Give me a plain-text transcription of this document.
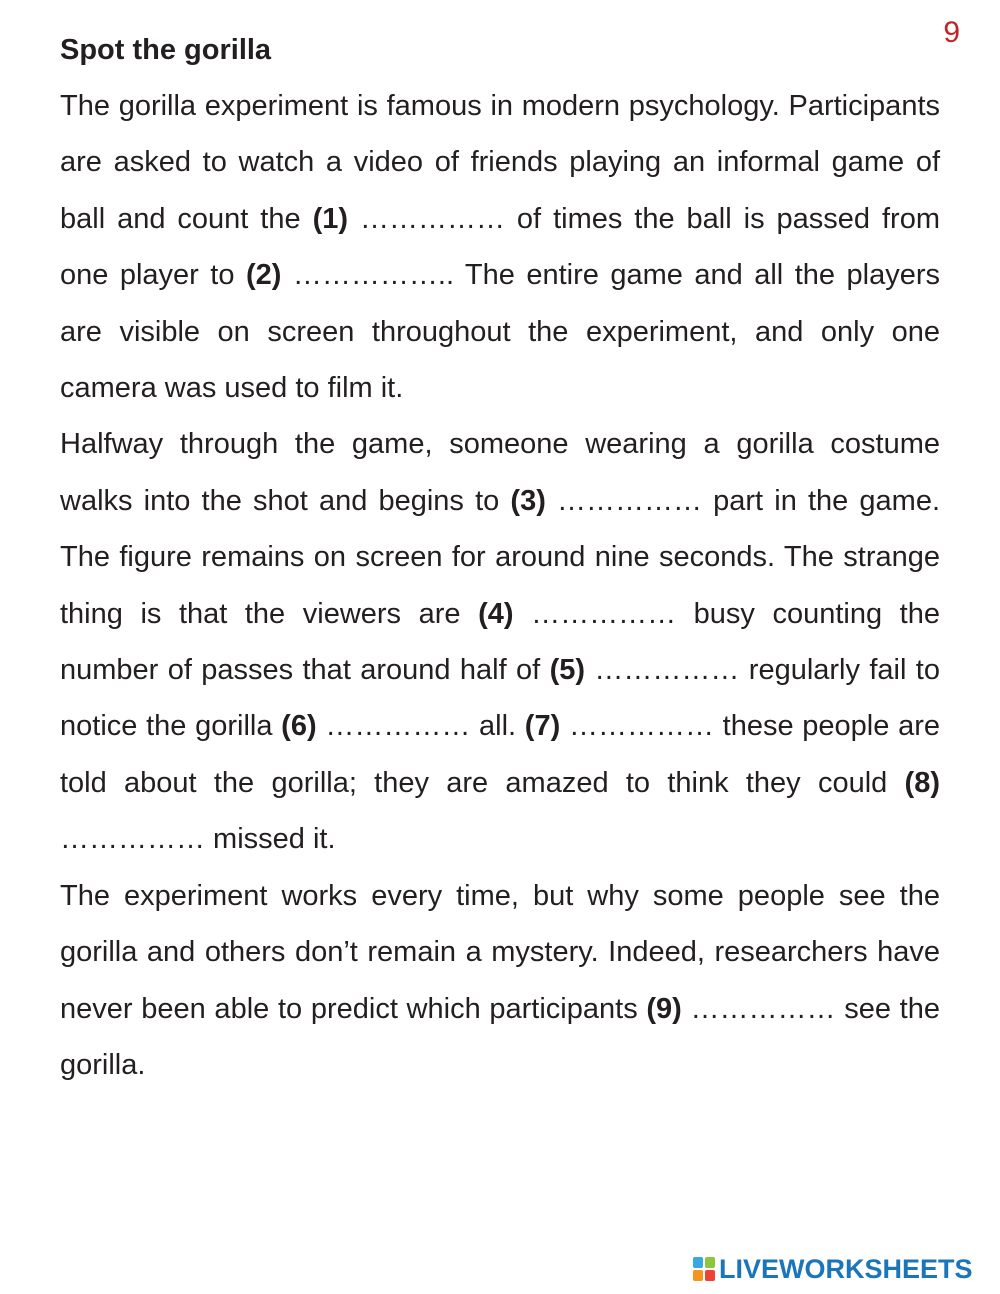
9
Spot the gorilla

The gorilla experiment is famous in modern psychology. Participants are asked to watch a video of friends playing an informal game of ball and count the (1) …………… of times the ball is passed from one player to (2) …………….. The entire game and all the players are visible on screen throughout the experiment, and only one camera was used to film it.

Halfway through the game, someone wearing a gorilla costume walks into the shot and begins to (3) …………… part in the game. The figure remains on screen for around nine seconds. The strange thing is that the viewers are (4) …………… busy counting the number of passes that around half of (5) …………… regularly fail to notice the gorilla (6) …………… all. (7) …………… these people are told about the gorilla; they are amazed to think they could (8) …………… missed it.

The experiment works every time, but why some people see the gorilla and others don’t remain a mystery. Indeed, researchers have never been able to predict which participants (9) …………… see the gorilla.

LIVEWORKSHEETS
